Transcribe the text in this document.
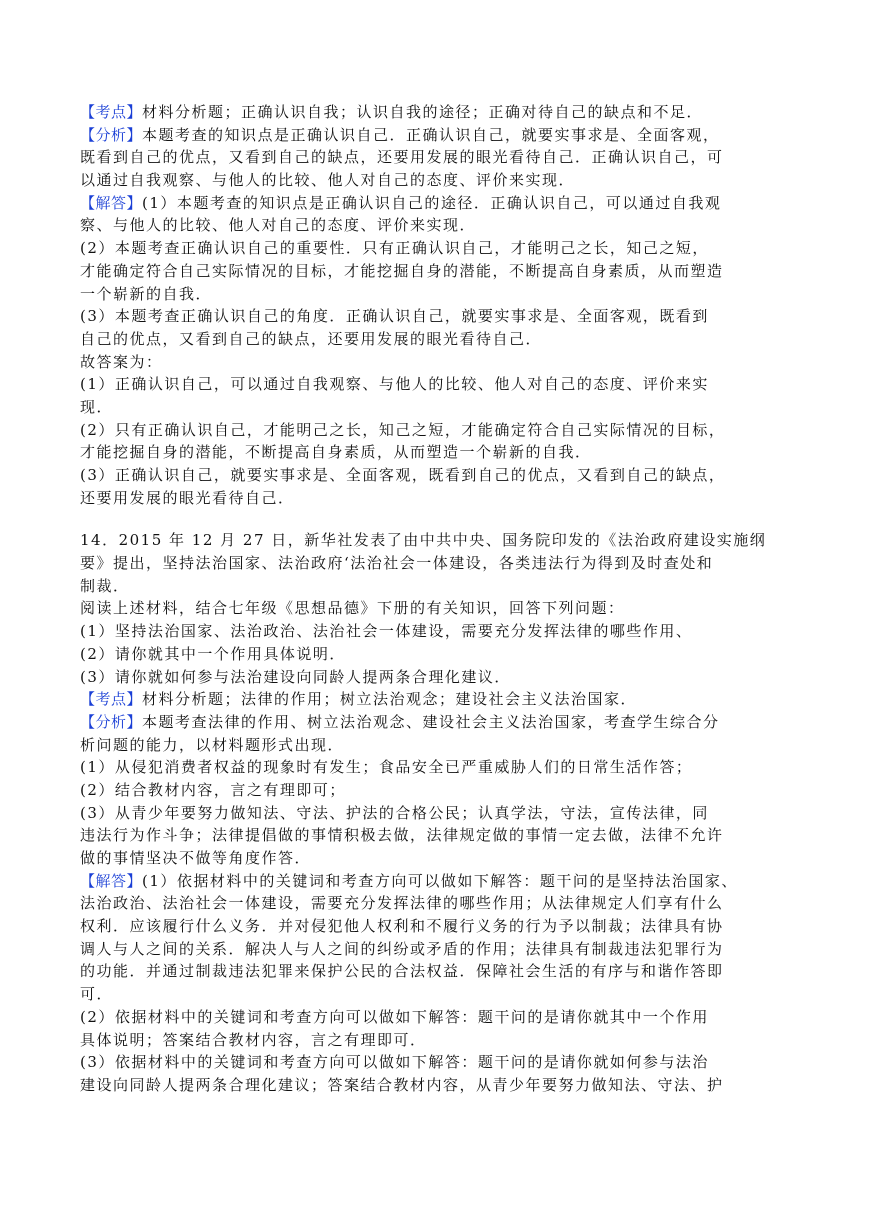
【考点】材料分析题；正确认识自我；认识自我的途径；正确对待自己的缺点和不足．
【分析】本题考查的知识点是正确认识自己．正确认识自己，就要实事求是、全面客观，
既看到自己的优点，又看到自己的缺点，还要用发展的眼光看待自己．正确认识自己，可
以通过自我观察、与他人的比较、他人对自己的态度、评价来实现．
【解答】(1）本题考查的知识点是正确认识自己的途径．正确认识自己，可以通过自我观
察、与他人的比较、他人对自己的态度、评价来实现．
(2）本题考查正确认识自己的重要性．只有正确认识自己，才能明己之长，知己之短，
才能确定符合自己实际情况的目标，才能挖掘自身的潜能，不断提高自身素质，从而塑造
一个崭新的自我．
(3）本题考查正确认识自己的角度．正确认识自己，就要实事求是、全面客观，既看到
自己的优点，又看到自己的缺点，还要用发展的眼光看待自己．
故答案为：
(1）正确认识自己，可以通过自我观察、与他人的比较、他人对自己的态度、评价来实
现．
(2）只有正确认识自己，才能明己之长，知己之短，才能确定符合自己实际情况的目标，
才能挖掘自身的潜能，不断提高自身素质，从而塑造一个崭新的自我．
(3）正确认识自己，就要实事求是、全面客观，既看到自己的优点，又看到自己的缺点，
还要用发展的眼光看待自己．
14．2015 年 12 月 27 日，新华社发表了由中共中央、国务院印发的《法治政府建设实施纲
要》提出，坚持法治国家、法治政府‘法治社会一体建设，各类违法行为得到及时查处和
制裁．
阅读上述材料，结合七年级《思想品德》下册的有关知识，回答下列问题：
(1）坚持法治国家、法治政治、法治社会一体建设，需要充分发挥法律的哪些作用、
(2）请你就其中一个作用具体说明．
(3）请你就如何参与法治建设向同龄人提两条合理化建议．
【考点】材料分析题；法律的作用；树立法治观念；建设社会主义法治国家．
【分析】本题考查法律的作用、树立法治观念、建设社会主义法治国家，考查学生综合分
析问题的能力，以材料题形式出现．
(1）从侵犯消费者权益的现象时有发生；食品安全已严重威胁人们的日常生活作答；
(2）结合教材内容，言之有理即可；
(3）从青少年要努力做知法、守法、护法的合格公民；认真学法，守法，宣传法律，同
违法行为作斗争；法律提倡做的事情积极去做，法律规定做的事情一定去做，法律不允许
做的事情坚决不做等角度作答．
【解答】(1）依据材料中的关键词和考查方向可以做如下解答：题干问的是坚持法治国家、
法治政治、法治社会一体建设，需要充分发挥法律的哪些作用；从法律规定人们享有什么
权利．应该履行什么义务．并对侵犯他人权利和不履行义务的行为予以制裁；法律具有协
调人与人之间的关系．解决人与人之间的纠纷或矛盾的作用；法律具有制裁违法犯罪行为
的功能．并通过制裁违法犯罪来保护公民的合法权益．保障社会生活的有序与和谐作答即
可．
(2）依据材料中的关键词和考查方向可以做如下解答：题干问的是请你就其中一个作用
具体说明；答案结合教材内容，言之有理即可．
(3）依据材料中的关键词和考查方向可以做如下解答：题干问的是请你就如何参与法治
建设向同龄人提两条合理化建议；答案结合教材内容，从青少年要努力做知法、守法、护
